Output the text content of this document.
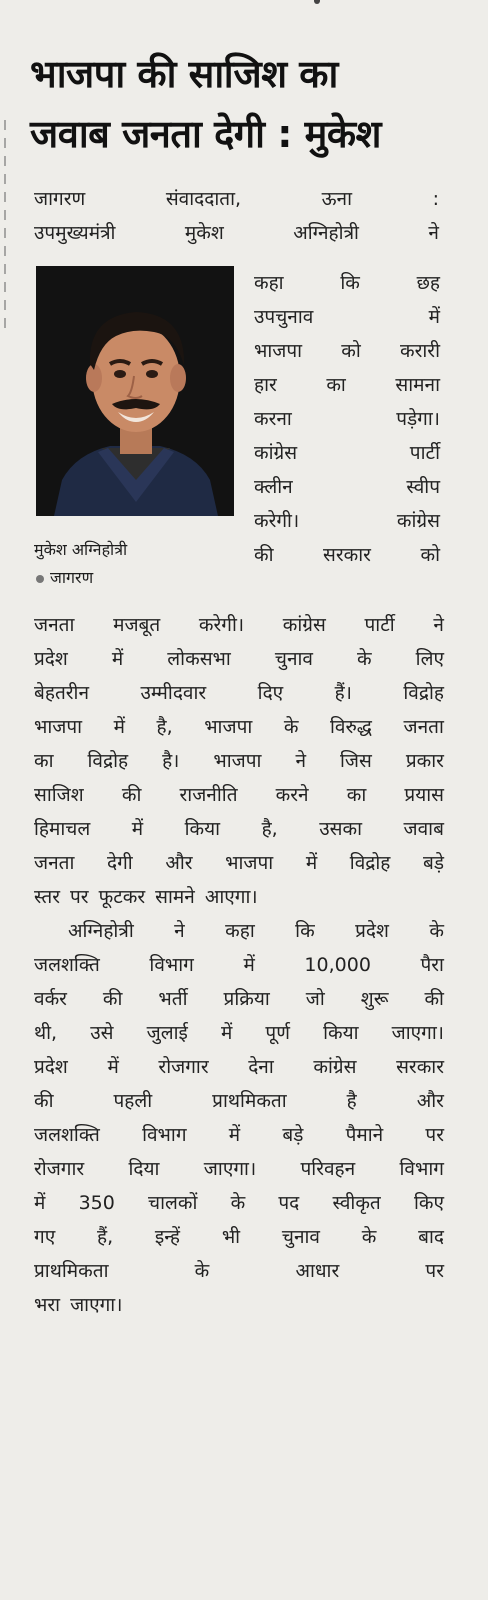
भाजपा की साजिश का
जवाब जनता देगी : मुकेश
जागरण	संवाददाता,	ऊना	:
उपमुख्यमंत्री	मुकेश	अग्निहोत्री	ने
मुकेश अग्निहोत्री
जागरण
कहा	कि	छह
उपचुनाव	में
भाजपा को करारी
हार	का	सामना
करना	पड़ेगा।
कांग्रेस	पार्टी
क्लीन	स्वीप
करेगी।	कांग्रेस
की	सरकार	को
जनता मजबूत करेगी। कांग्रेस पार्टी ने
प्रदेश में लोकसभा चुनाव के लिए
बेहतरीन	उम्मीदवार	दिए	हैं।	विद्रोह
भाजपा में है, भाजपा के विरुद्ध जनता
का विद्रोह है। भाजपा ने जिस प्रकार
साजिश की राजनीति करने का प्रयास
हिमाचल में किया है, उसका जवाब
जनता देगी और भाजपा में विद्रोह बड़े
स्तर पर फूटकर सामने आएगा।
अग्निहोत्री ने कहा कि प्रदेश के
जलशक्ति	विभाग	में	10,000	पैरा
वर्कर की भर्ती प्रक्रिया जो शुरू की
थी, उसे जुलाई में पूर्ण किया जाएगा।
प्रदेश में रोजगार देना कांग्रेस सरकार
की	पहली	प्राथमिकता	है	और
जलशक्ति विभाग में बड़े पैमाने पर
रोजगार दिया जाएगा। परिवहन विभाग
में 350 चालकों के पद स्वीकृत किए
गए हैं, इन्हें भी चुनाव के बाद
प्राथमिकता	के	आधार	पर
भरा जाएगा।
